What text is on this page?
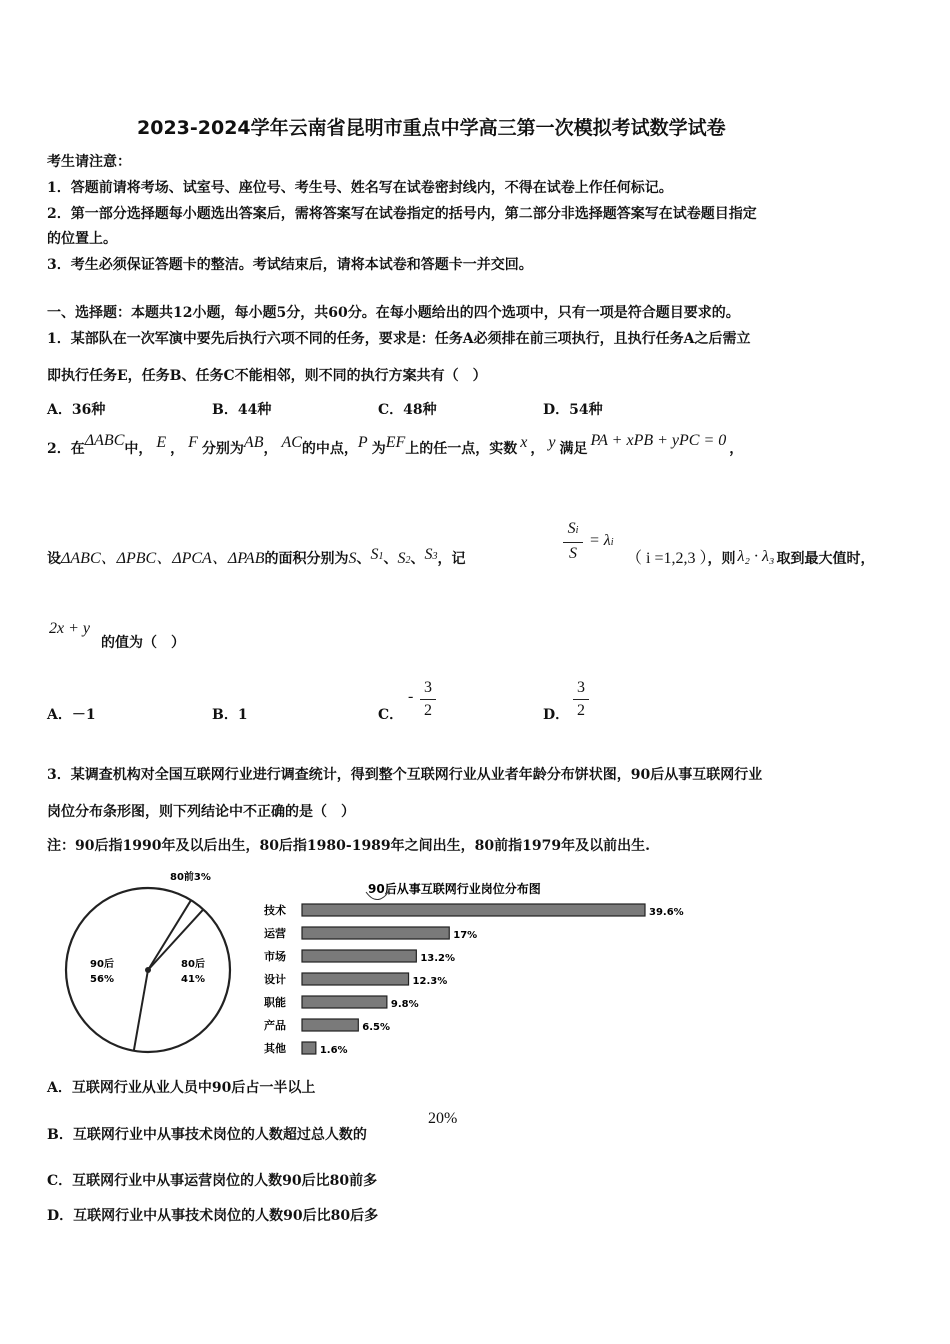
2023-2024学年云南省昆明市重点中学高三第一次模拟考试数学试卷
考生请注意：
1．答题前请将考场、试室号、座位号、考生号、姓名写在试卷密封线内，不得在试卷上作任何标记。
2．第一部分选择题每小题选出答案后，需将答案写在试卷指定的括号内，第二部分非选择题答案写在试卷题目指定
的位置上。
3．考生必须保证答题卡的整洁。考试结束后，请将本试卷和答题卡一并交回。
一、选择题：本题共12小题，每小题5分，共60分。在每小题给出的四个选项中，只有一项是符合题目要求的。
1．某部队在一次军演中要先后执行六项不同的任务，要求是：任务A必须排在前三项执行，且执行任务A之后需立
即执行任务E，任务B、任务C不能相邻，则不同的执行方案共有（　）
A．36种	B．44种	C．48种	D．54种
2．在ΔABC中， E ， F 分别为AB， AC的中点，P 为EF上的任一点，实数 x ， y 满足 PA + xPB + yPC = 0 ，
设ΔABC、ΔPBC、ΔPCA、ΔPAB的面积分别为S、S1、S2、S3，记
Si
S
= λi
（ i =1,2,3 ），则 λ₂ · λ₃ 取到最大值时，
2x + y
的值为（　）
A．－1	B．1	C．
-
3
2	D．
3
2
3．某调查机构对全国互联网行业进行调查统计，得到整个互联网行业从业者年龄分布饼状图，90后从事互联网行业
岗位分布条形图，则下列结论中不正确的是（　）
注：90后指1990年及以后出生，80后指1980-1989年之间出生，80前指1979年及以前出生.
90后
56%
80后
41%
80前3%
90后从事互联网行业岗位分布图
技术	39.6%
运营	17%
市场	13.2%
设计	12.3%
职能	9.8%
产品	6.5%
其他	1.6%
A．互联网行业从业人员中90后占一半以上
B．互联网行业中从事技术岗位的人数超过总人数的
20%
C．互联网行业中从事运营岗位的人数90后比80前多
D．互联网行业中从事技术岗位的人数90后比80后多
